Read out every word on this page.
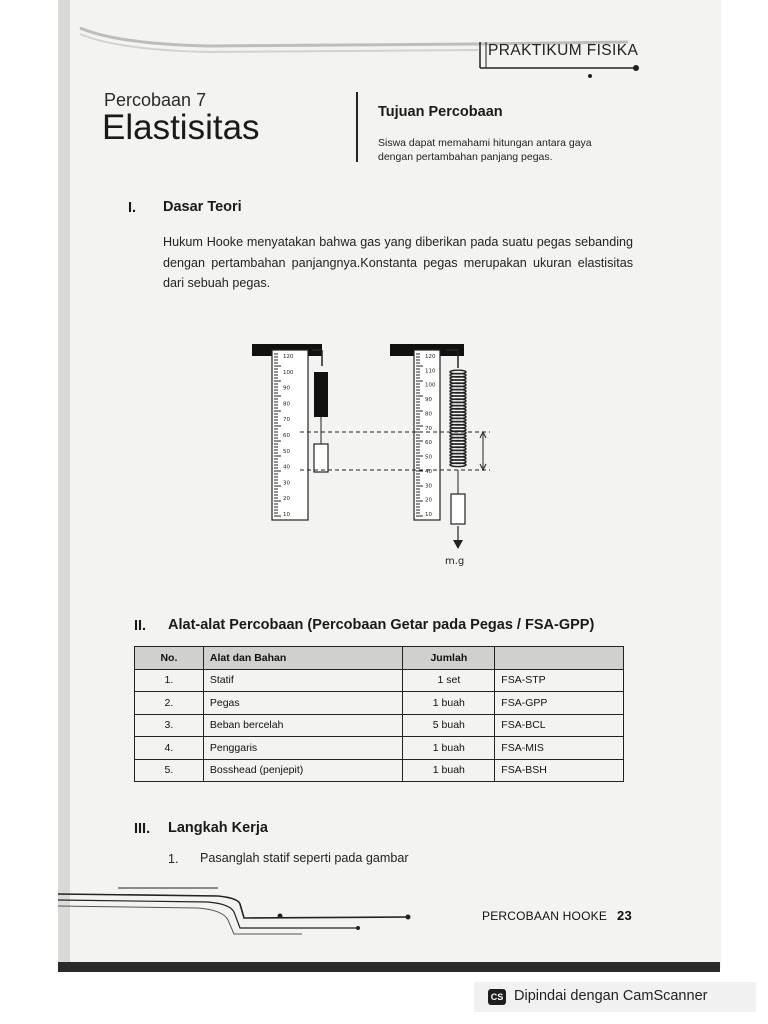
PRAKTIKUM FISIKA
Percobaan 7
Elastisitas	Tujuan Percobaan
Siswa dapat memahami hitungan antara gaya dengan pertambahan panjang pegas.
I. Dasar Teori
Hukum Hooke menyatakan bahwa gas yang diberikan pada suatu pegas sebanding dengan pertambahan panjangnya.Konstanta pegas merupakan ukuran elastisitas dari sebuah pegas.
120
100
90
80
70
60
50
40
30
20
10
120
110
100
90
80
70
60
50
40
30
20
10
m.g
II. Alat-alat Percobaan (Percobaan Getar pada Pegas / FSA-GPP)
No.	Alat dan Bahan	Jumlah	
1.	Statif	1 set	FSA-STP
2.	Pegas	1 buah	FSA-GPP
3.	Beban bercelah	5 buah	FSA-BCL
4.	Penggaris	1 buah	FSA-MIS
5.	Bosshead (penjepit)	1 buah	FSA-BSH
III. Langkah Kerja
1. Pasanglah statif seperti pada gambar
PERCOBAAN HOOKE 23
CS Dipindai dengan CamScanner
